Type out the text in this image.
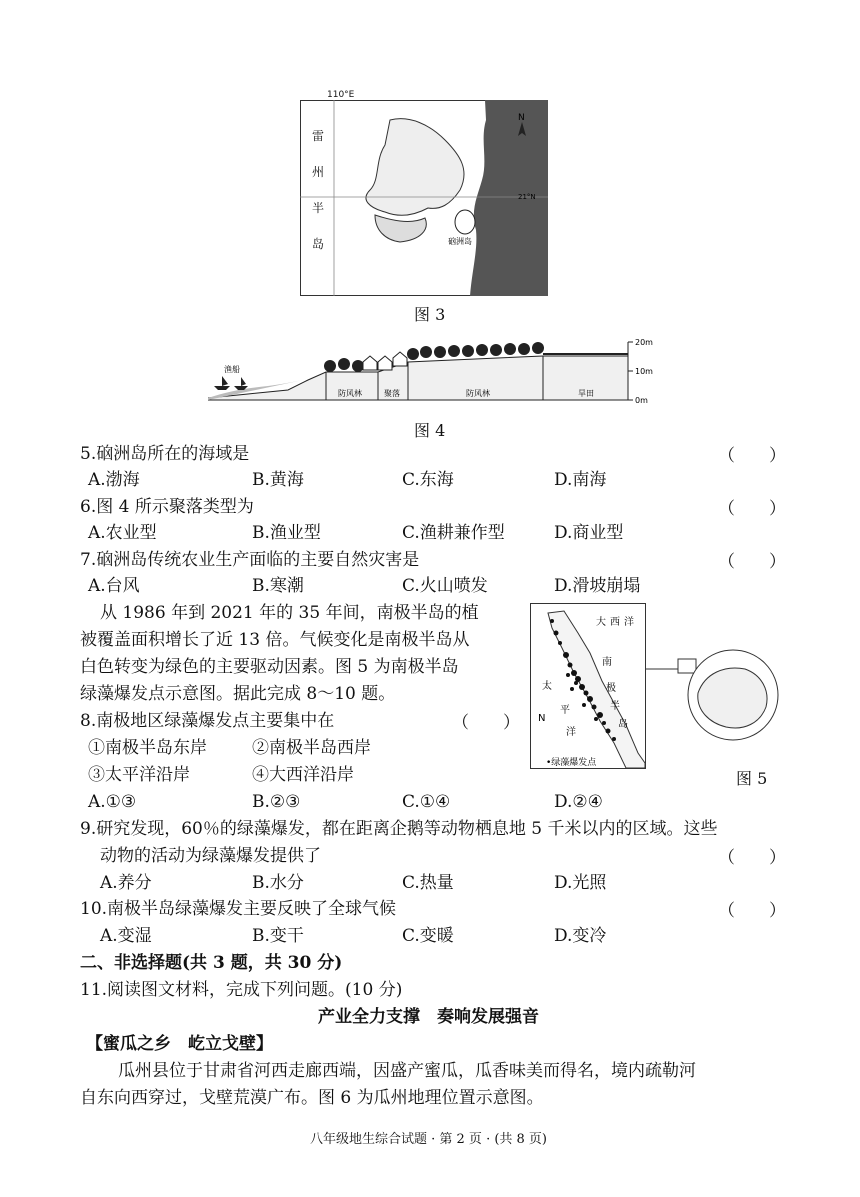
N
21°N
硇洲岛
110°E
雷
州
半
岛
图 3
20m
10m
0m
渔船
防风林	聚落	防风林	旱田
图 4
5.硇洲岛所在的海域是	（　　）
A.渤海	B.黄海	C.东海	D.南海
6.图 4 所示聚落类型为	（　　）
A.农业型	B.渔业型	C.渔耕兼作型	D.商业型
7.硇洲岛传统农业生产面临的主要自然灾害是	（　　）
A.台风	B.寒潮	C.火山喷发	D.滑坡崩塌
从 1986 年到 2021 年的 35 年间，南极半岛的植
被覆盖面积增长了近 13 倍。气候变化是南极半岛从
白色转变为绿色的主要驱动因素。图 5 为南极半岛
绿藻爆发点示意图。据此完成 8～10 题。
8.南极地区绿藻爆发点主要集中在	（　　）
①南极半岛东岸	②南极半岛西岸
③太平洋沿岸	④大西洋沿岸
A.①③	B.②③	C.①④	D.②④
•绿藻爆发点
大 西 洋
南
极
半
岛
太
平
洋
N
图 5
9.研究发现，60％的绿藻爆发，都在距离企鹅等动物栖息地 5 千米以内的区域。这些
动物的活动为绿藻爆发提供了	（　　）
A.养分	B.水分	C.热量	D.光照
10.南极半岛绿藻爆发主要反映了全球气候	（　　）
A.变湿	B.变干	C.变暖	D.变冷
二、非选择题(共 3 题，共 30 分)
11.阅读图文材料，完成下列问题。(10 分)
产业全力支撑　奏响发展强音
【蜜瓜之乡　屹立戈壁】
瓜州县位于甘肃省河西走廊西端，因盛产蜜瓜，瓜香味美而得名，境内疏勒河
自东向西穿过，戈壁荒漠广布。图 6 为瓜州地理位置示意图。
八年级地生综合试题 · 第 2 页 · (共 8 页)
